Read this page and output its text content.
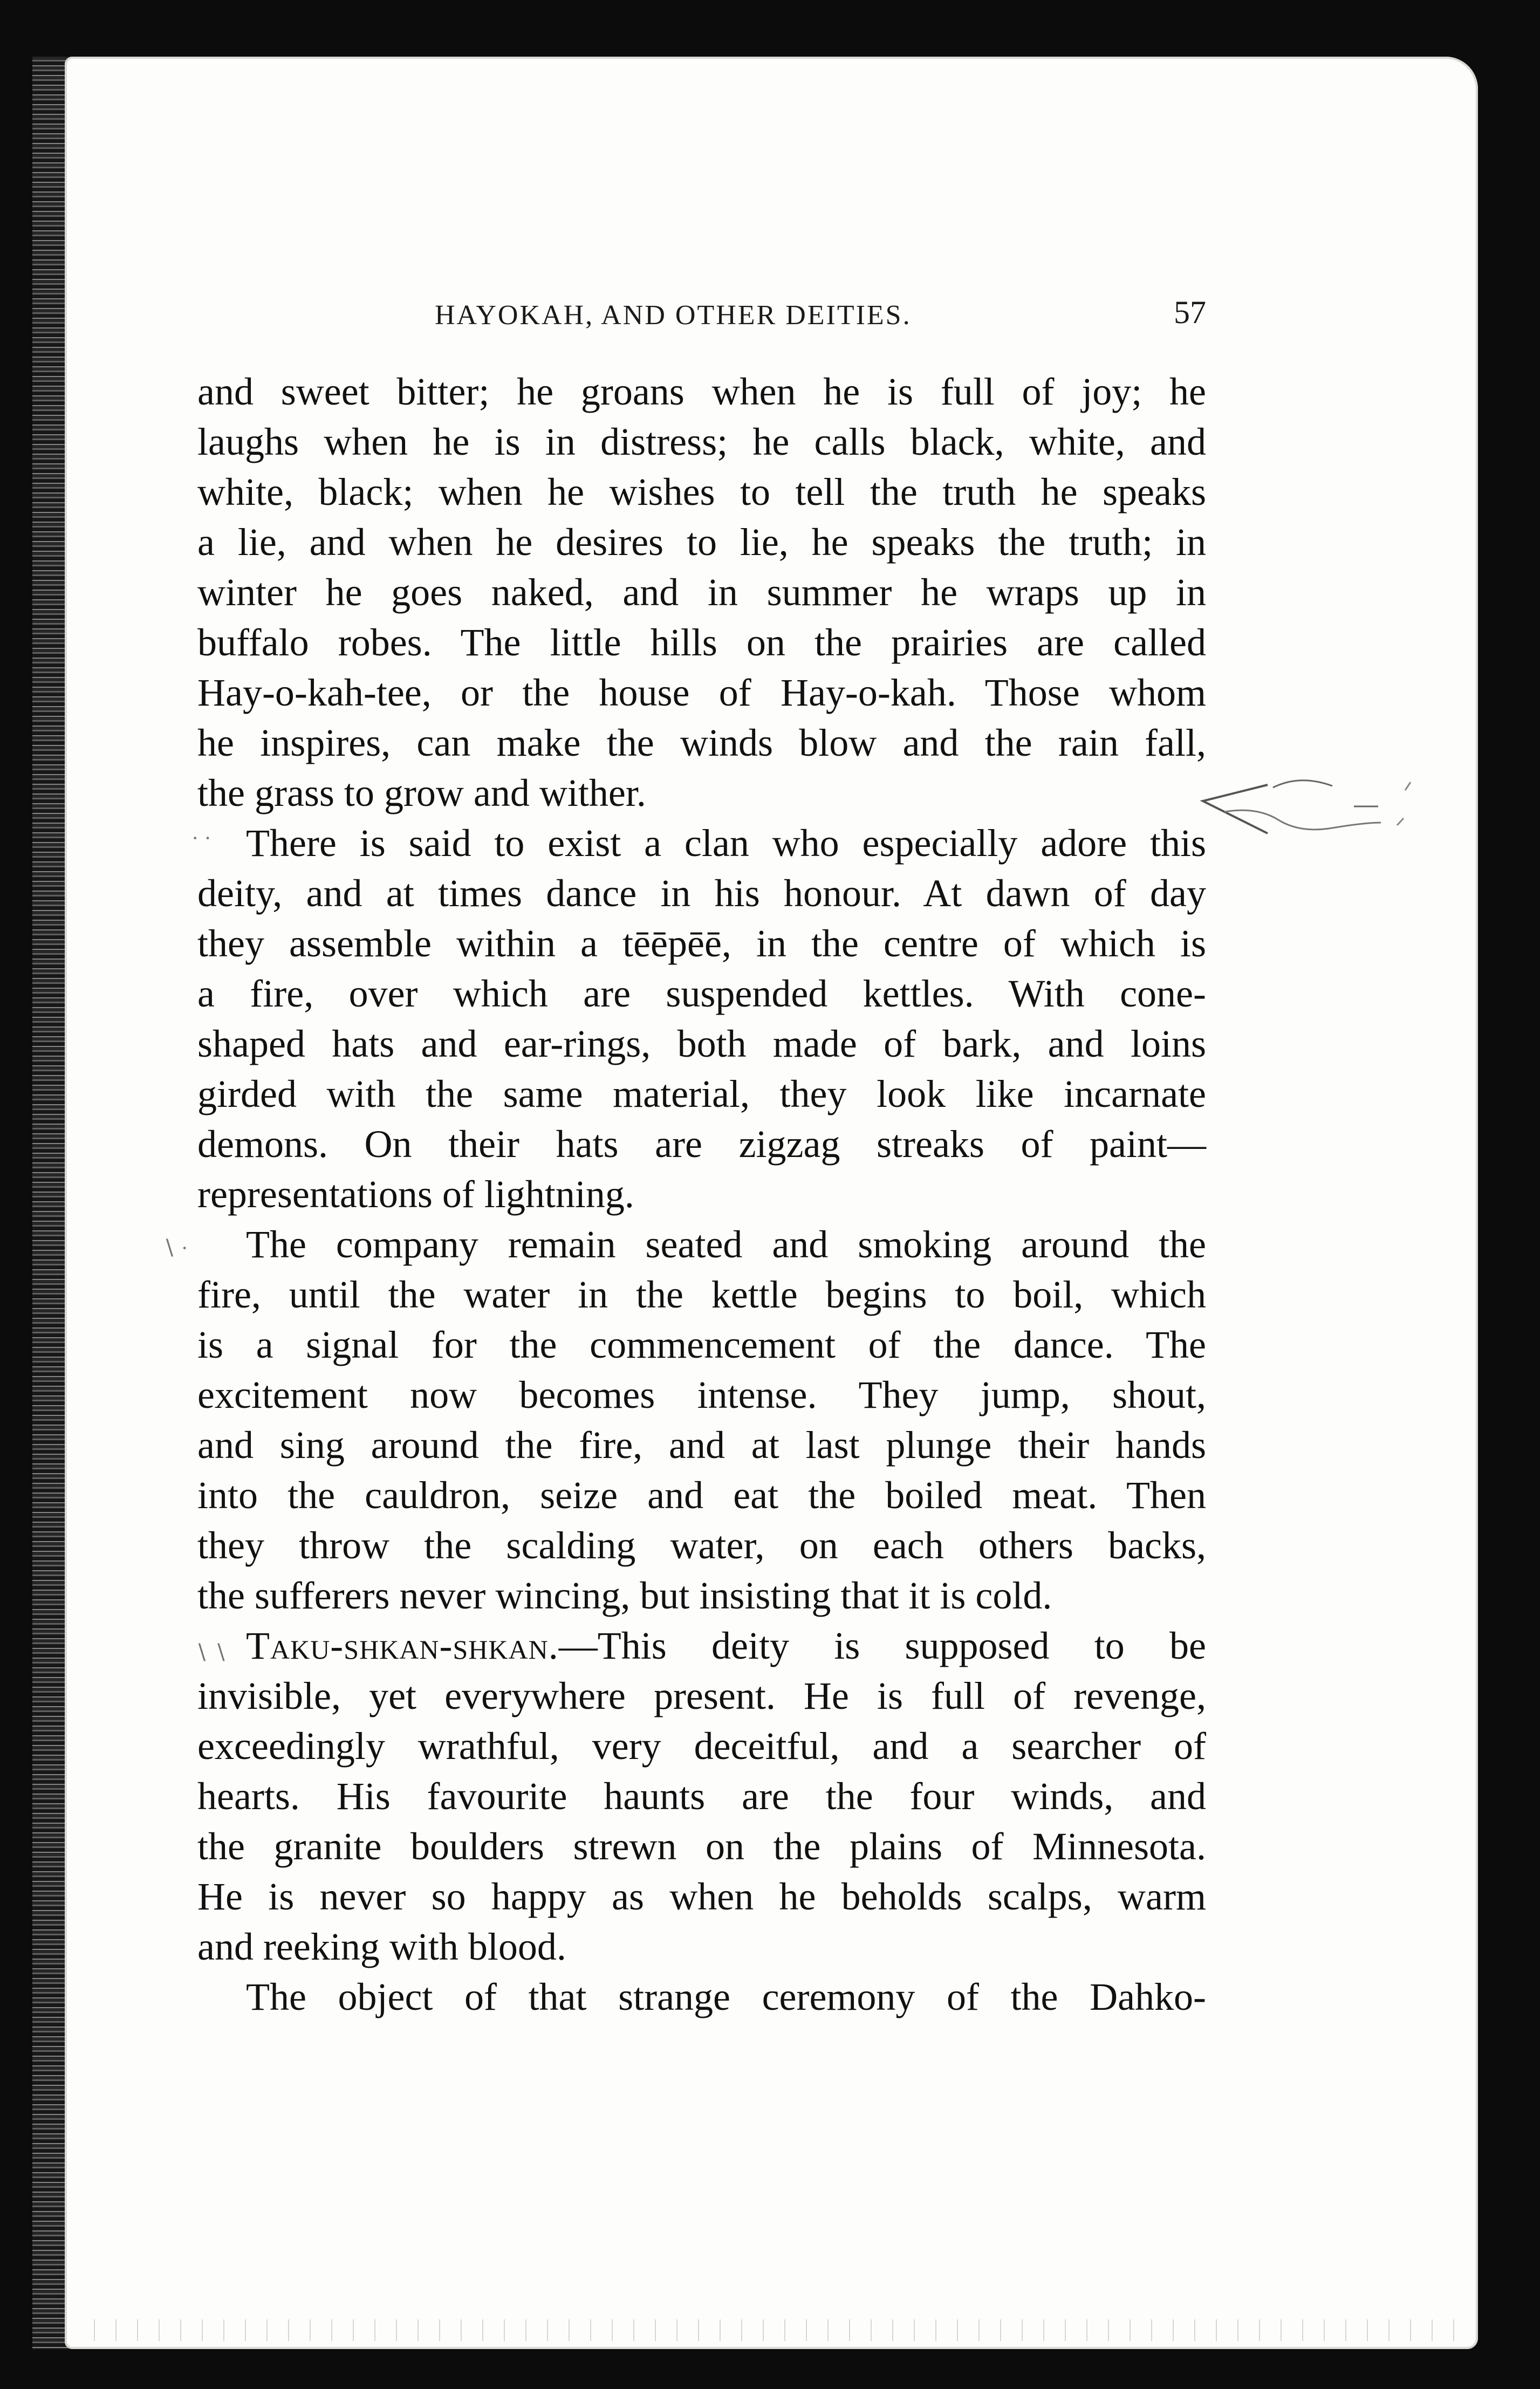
HAYOKAH, AND OTHER DEITIES.	57
and sweet bitter; he groans when he is full of joy; he
laughs when he is in distress; he calls black, white, and
white, black; when he wishes to tell the truth he speaks
a lie, and when he desires to lie, he speaks the truth; in
winter he goes naked, and in summer he wraps up in
buffalo robes. The little hills on the prairies are called
Hay-o-kah-tee, or the house of Hay-o-kah. Those whom
he inspires, can make the winds blow and the rain fall,
the grass to grow and wither.
There is said to exist a clan who especially adore this
deity, and at times dance in his honour. At dawn of day
they assemble within a tēēpēē, in the centre of which is
a fire, over which are suspended kettles. With cone-
shaped hats and ear-rings, both made of bark, and loins
girded with the same material, they look like incarnate
demons. On their hats are zigzag streaks of paint—
representations of lightning.
The company remain seated and smoking around the
fire, until the water in the kettle begins to boil, which
is a signal for the commencement of the dance. The
excitement now becomes intense. They jump, shout,
and sing around the fire, and at last plunge their hands
into the cauldron, seize and eat the boiled meat. Then
they throw the scalding water, on each others backs,
the sufferers never wincing, but insisting that it is cold.
Taku-shkan-shkan.—This deity is supposed to be
invisible, yet everywhere present. He is full of revenge,
exceedingly wrathful, very deceitful, and a searcher of
hearts. His favourite haunts are the four winds, and
the granite boulders strewn on the plains of Minnesota.
He is never so happy as when he beholds scalps, warm
and reeking with blood.
The object of that strange ceremony of the Dahko-
· ·
∖ ·
∖ ∖
